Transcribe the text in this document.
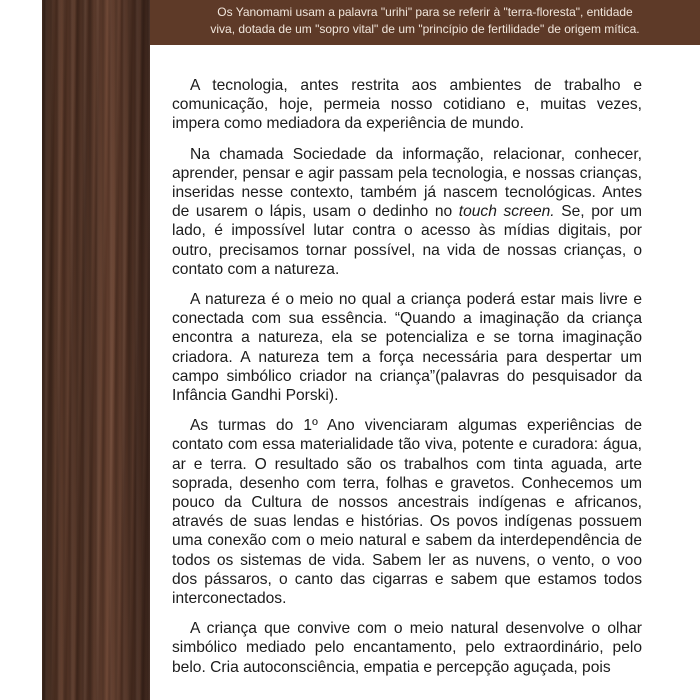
Os Yanomami usam a palavra "urihi" para se referir à "terra-floresta", entidade
viva, dotada de um "sopro vital" de um "princípio de fertilidade" de origem mítica.

A tecnologia, antes restrita aos ambientes de trabalho e comunicação, hoje, permeia nosso cotidiano e, muitas vezes, impera como mediadora da experiência de mundo.

Na chamada Sociedade da informação, relacionar, conhecer, aprender, pensar e agir passam pela tecnologia, e nossas crianças, inseridas nesse contexto, também já nascem tecnológicas. Antes de usarem o lápis, usam o dedinho no touch screen. Se, por um lado, é impossível lutar contra o acesso às mídias digitais, por outro, precisamos tornar possível, na vida de nossas crianças, o contato com a natureza.

A natureza é o meio no qual a criança poderá estar mais livre e conectada com sua essência. “Quando a imaginação da criança encontra a natureza, ela se potencializa e se torna imaginação criadora. A natureza tem a força necessária para despertar um campo simbólico criador na criança”(palavras do pesquisador da Infância Gandhi Porski).

As turmas do 1º Ano vivenciaram algumas experiências de contato com essa materialidade tão viva, potente e curadora: água, ar e terra. O resultado são os trabalhos com tinta aguada, arte soprada, desenho com terra, folhas e gravetos. Conhecemos um pouco da Cultura de nossos ancestrais indígenas e africanos, através de suas lendas e histórias. Os povos indígenas possuem uma conexão com o meio natural e sabem da interdependência de todos os sistemas de vida. Sabem ler as nuvens, o vento, o voo dos pássaros, o canto das cigarras e sabem que estamos todos interconectados.

A criança que convive com o meio natural desenvolve o olhar simbólico mediado pelo encantamento, pelo extraordinário, pelo belo. Cria autoconsciência, empatia e percepção aguçada, pois
